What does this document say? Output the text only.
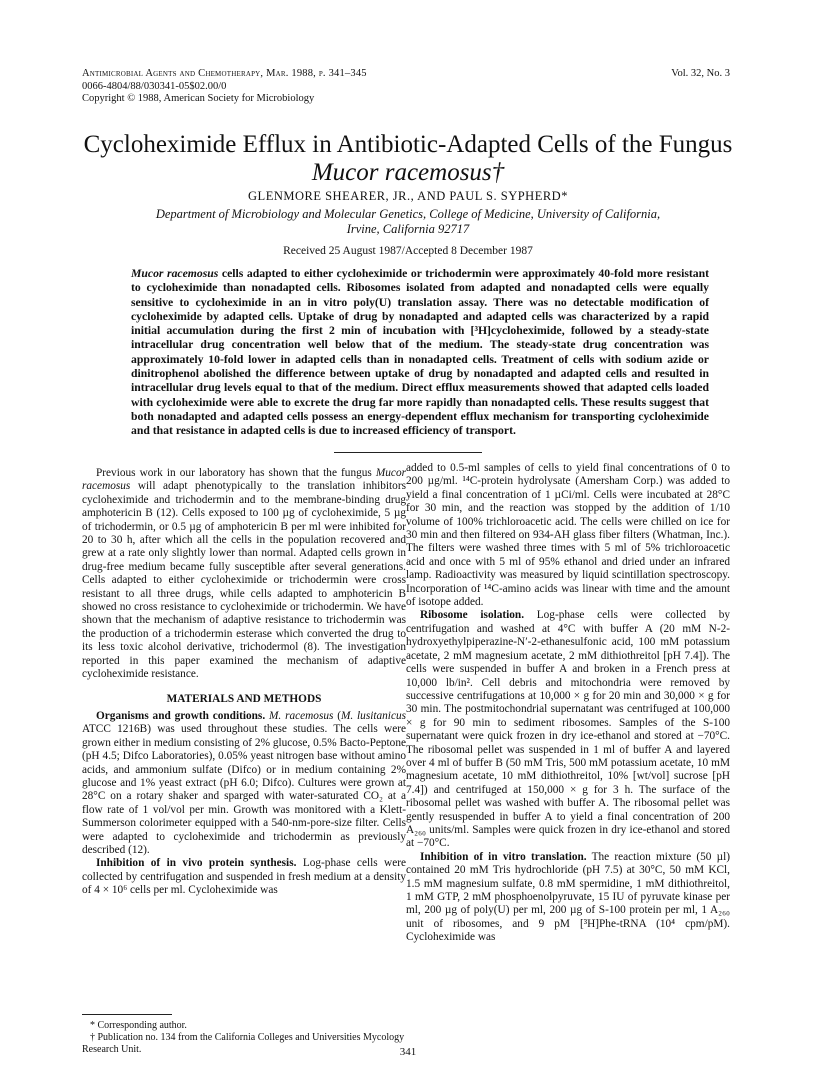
Antimicrobial Agents and Chemotherapy, Mar. 1988, p. 341–345
0066-4804/88/030341-05$02.00/0
Copyright © 1988, American Society for Microbiology
Vol. 32, No. 3
Cycloheximide Efflux in Antibiotic-Adapted Cells of the Fungus
Mucor racemosus†
GLENMORE SHEARER, JR., AND PAUL S. SYPHERD*
Department of Microbiology and Molecular Genetics, College of Medicine, University of California,
Irvine, California 92717
Received 25 August 1987/Accepted 8 December 1987
Mucor racemosus cells adapted to either cycloheximide or trichodermin were approximately 40-fold more resistant to cycloheximide than nonadapted cells. Ribosomes isolated from adapted and nonadapted cells were equally sensitive to cycloheximide in an in vitro poly(U) translation assay. There was no detectable modification of cycloheximide by adapted cells. Uptake of drug by nonadapted and adapted cells was characterized by a rapid initial accumulation during the first 2 min of incubation with [³H]cycloheximide, followed by a steady-state intracellular drug concentration well below that of the medium. The steady-state drug concentration was approximately 10-fold lower in adapted cells than in nonadapted cells. Treatment of cells with sodium azide or dinitrophenol abolished the difference between uptake of drug by nonadapted and adapted cells and resulted in intracellular drug levels equal to that of the medium. Direct efflux measurements showed that adapted cells loaded with cycloheximide were able to excrete the drug far more rapidly than nonadapted cells. These results suggest that both nonadapted and adapted cells possess an energy-dependent efflux mechanism for transporting cycloheximide and that resistance in adapted cells is due to increased efficiency of transport.

Previous work in our laboratory has shown that the fungus Mucor racemosus will adapt phenotypically to the translation inhibitors cycloheximide and trichodermin and to the membrane-binding drug amphotericin B (12). Cells exposed to 100 µg of cycloheximide, 5 µg of trichodermin, or 0.5 µg of amphotericin B per ml were inhibited for 20 to 30 h, after which all the cells in the population recovered and grew at a rate only slightly lower than normal. Adapted cells grown in drug-free medium became fully susceptible after several generations. Cells adapted to either cycloheximide or trichodermin were cross resistant to all three drugs, while cells adapted to amphotericin B showed no cross resistance to cycloheximide or trichodermin. We have shown that the mechanism of adaptive resistance to trichodermin was the production of a trichodermin esterase which converted the drug to its less toxic alcohol derivative, trichodermol (8). The investigation reported in this paper examined the mechanism of adaptive cycloheximide resistance.

MATERIALS AND METHODS

Organisms and growth conditions. M. racemosus (M. lusitanicus ATCC 1216B) was used throughout these studies. The cells were grown either in medium consisting of 2% glucose, 0.5% Bacto-Peptone (pH 4.5; Difco Laboratories), 0.05% yeast nitrogen base without amino acids, and ammonium sulfate (Difco) or in medium containing 2% glucose and 1% yeast extract (pH 6.0; Difco). Cultures were grown at 28°C on a rotary shaker and sparged with water-saturated CO₂ at a flow rate of 1 vol/vol per min. Growth was monitored with a Klett-Summerson colorimeter equipped with a 540-nm-pore-size filter. Cells were adapted to cycloheximide and trichodermin as previously described (12).

Inhibition of in vivo protein synthesis. Log-phase cells were collected by centrifugation and suspended in fresh medium at a density of 4 × 10⁶ cells per ml. Cycloheximide was

added to 0.5-ml samples of cells to yield final concentrations of 0 to 200 µg/ml. ¹⁴C-protein hydrolysate (Amersham Corp.) was added to yield a final concentration of 1 µCi/ml. Cells were incubated at 28°C for 30 min, and the reaction was stopped by the addition of 1/10 volume of 100% trichloroacetic acid. The cells were chilled on ice for 30 min and then filtered on 934-AH glass fiber filters (Whatman, Inc.). The filters were washed three times with 5 ml of 5% trichloroacetic acid and once with 5 ml of 95% ethanol and dried under an infrared lamp. Radioactivity was measured by liquid scintillation spectroscopy. Incorporation of ¹⁴C-amino acids was linear with time and the amount of isotope added.

Ribosome isolation. Log-phase cells were collected by centrifugation and washed at 4°C with buffer A (20 mM N-2-hydroxyethylpiperazine-N′-2-ethanesulfonic acid, 100 mM potassium acetate, 2 mM magnesium acetate, 2 mM dithiothreitol [pH 7.4]). The cells were suspended in buffer A and broken in a French press at 10,000 lb/in². Cell debris and mitochondria were removed by successive centrifugations at 10,000 × g for 20 min and 30,000 × g for 30 min. The postmitochondrial supernatant was centrifuged at 100,000 × g for 90 min to sediment ribosomes. Samples of the S-100 supernatant were quick frozen in dry ice-ethanol and stored at −70°C. The ribosomal pellet was suspended in 1 ml of buffer A and layered over 4 ml of buffer B (50 mM Tris, 500 mM potassium acetate, 10 mM magnesium acetate, 10 mM dithiothreitol, 10% [wt/vol] sucrose [pH 7.4]) and centrifuged at 150,000 × g for 3 h. The surface of the ribosomal pellet was washed with buffer A. The ribosomal pellet was gently resuspended in buffer A to yield a final concentration of 200 A₂₆₀ units/ml. Samples were quick frozen in dry ice-ethanol and stored at −70°C.

Inhibition of in vitro translation. The reaction mixture (50 µl) contained 20 mM Tris hydrochloride (pH 7.5) at 30°C, 50 mM KCl, 1.5 mM magnesium sulfate, 0.8 mM spermidine, 1 mM dithiothreitol, 1 mM GTP, 2 mM phosphoenolpyruvate, 15 IU of pyruvate kinase per ml, 200 µg of poly(U) per ml, 200 µg of S-100 protein per ml, 1 A₂₆₀ unit of ribosomes, and 9 pM [³H]Phe-tRNA (10⁴ cpm/pM). Cycloheximide was

* Corresponding author.
† Publication no. 134 from the California Colleges and Universities Mycology Research Unit.	341
